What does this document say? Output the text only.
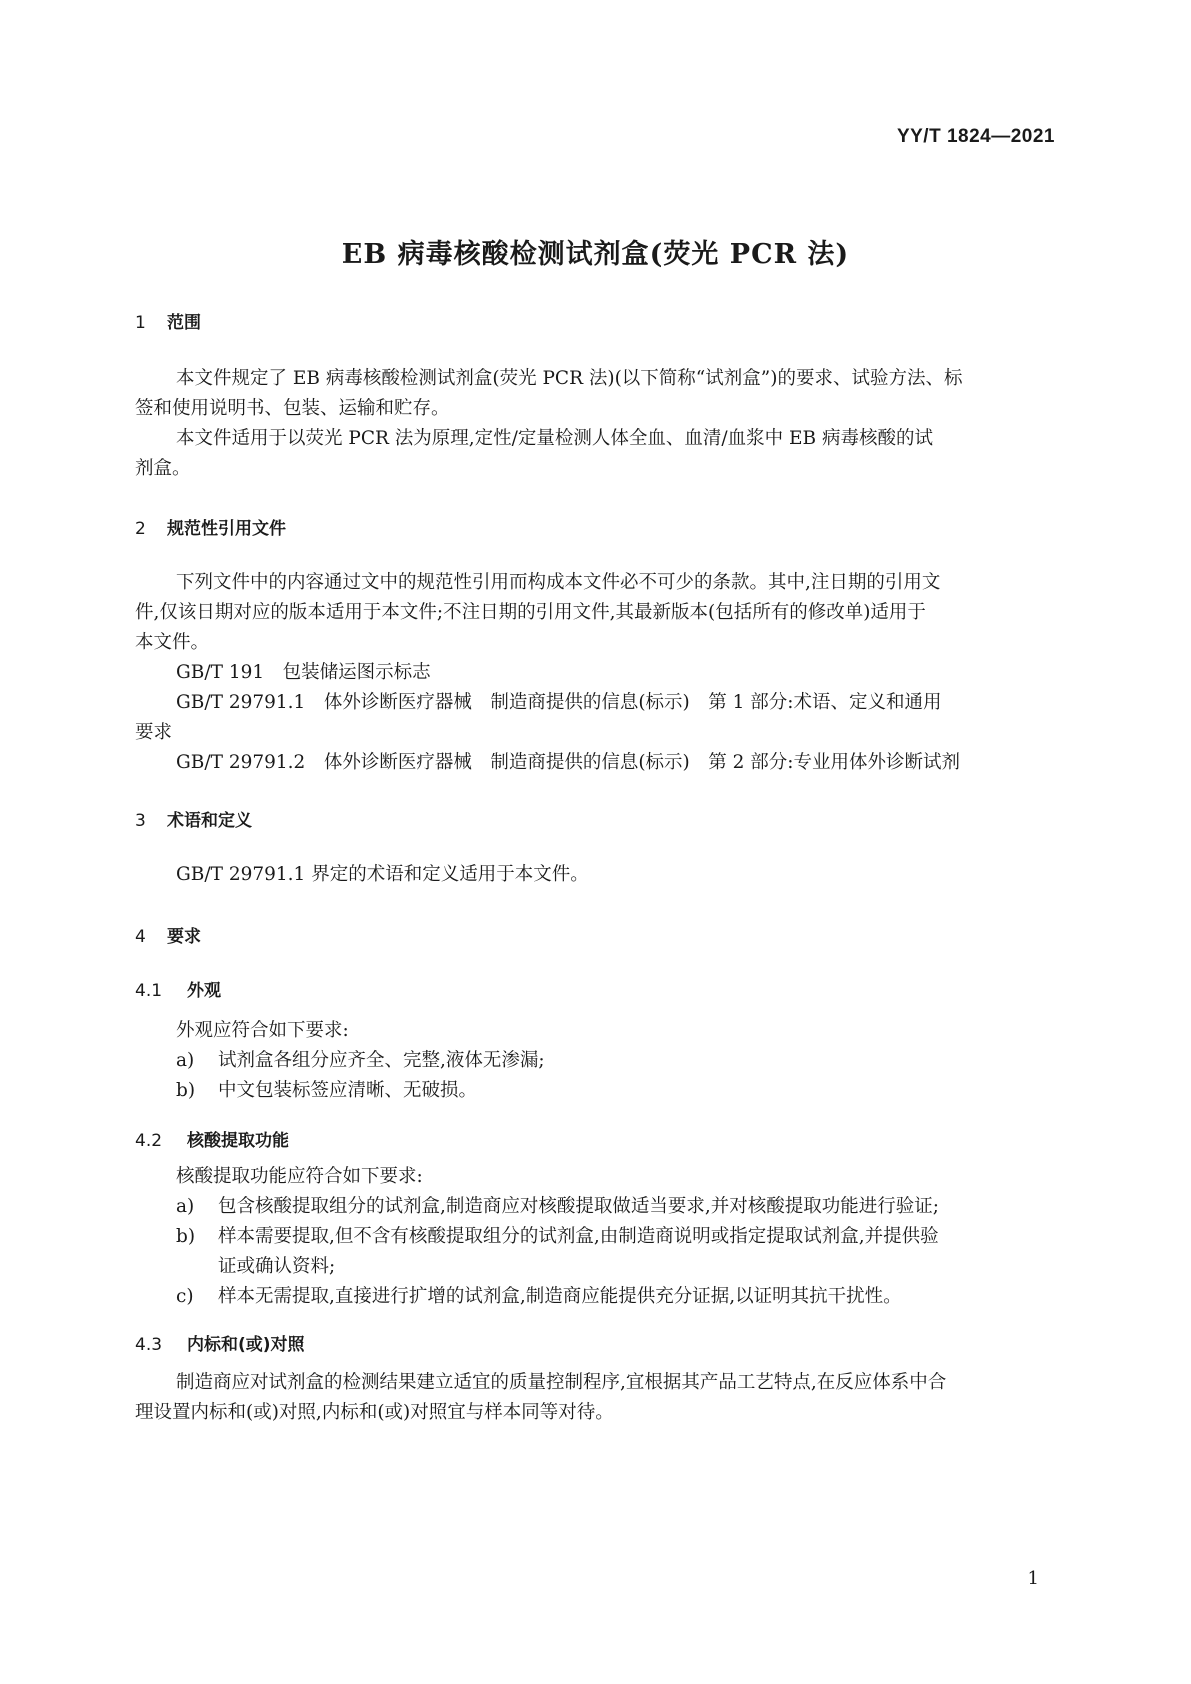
YY/T 1824—2021
EB 病毒核酸检测试剂盒(荧光 PCR 法)
1 范围
本文件规定了 EB 病毒核酸检测试剂盒(荧光 PCR 法)(以下简称“试剂盒”)的要求、试验方法、标
签和使用说明书、包装、运输和贮存。
本文件适用于以荧光 PCR 法为原理,定性/定量检测人体全血、血清/血浆中 EB 病毒核酸的试
剂盒。
2 规范性引用文件
下列文件中的内容通过文中的规范性引用而构成本文件必不可少的条款。其中,注日期的引用文
件,仅该日期对应的版本适用于本文件;不注日期的引用文件,其最新版本(包括所有的修改单)适用于
本文件。
GB/T 191　包装储运图示标志
GB/T 29791.1　体外诊断医疗器械　制造商提供的信息(标示)　第 1 部分:术语、定义和通用
要求
GB/T 29791.2　体外诊断医疗器械　制造商提供的信息(标示)　第 2 部分:专业用体外诊断试剂
3 术语和定义
GB/T 29791.1 界定的术语和定义适用于本文件。
4 要求
4.1 外观
外观应符合如下要求:
a) 试剂盒各组分应齐全、完整,液体无渗漏;
b) 中文包装标签应清晰、无破损。
4.2 核酸提取功能
核酸提取功能应符合如下要求:
a) 包含核酸提取组分的试剂盒,制造商应对核酸提取做适当要求,并对核酸提取功能进行验证;
b) 样本需要提取,但不含有核酸提取组分的试剂盒,由制造商说明或指定提取试剂盒,并提供验
证或确认资料;
c) 样本无需提取,直接进行扩增的试剂盒,制造商应能提供充分证据,以证明其抗干扰性。
4.3 内标和(或)对照
制造商应对试剂盒的检测结果建立适宜的质量控制程序,宜根据其产品工艺特点,在反应体系中合
理设置内标和(或)对照,内标和(或)对照宜与样本同等对待。
1
